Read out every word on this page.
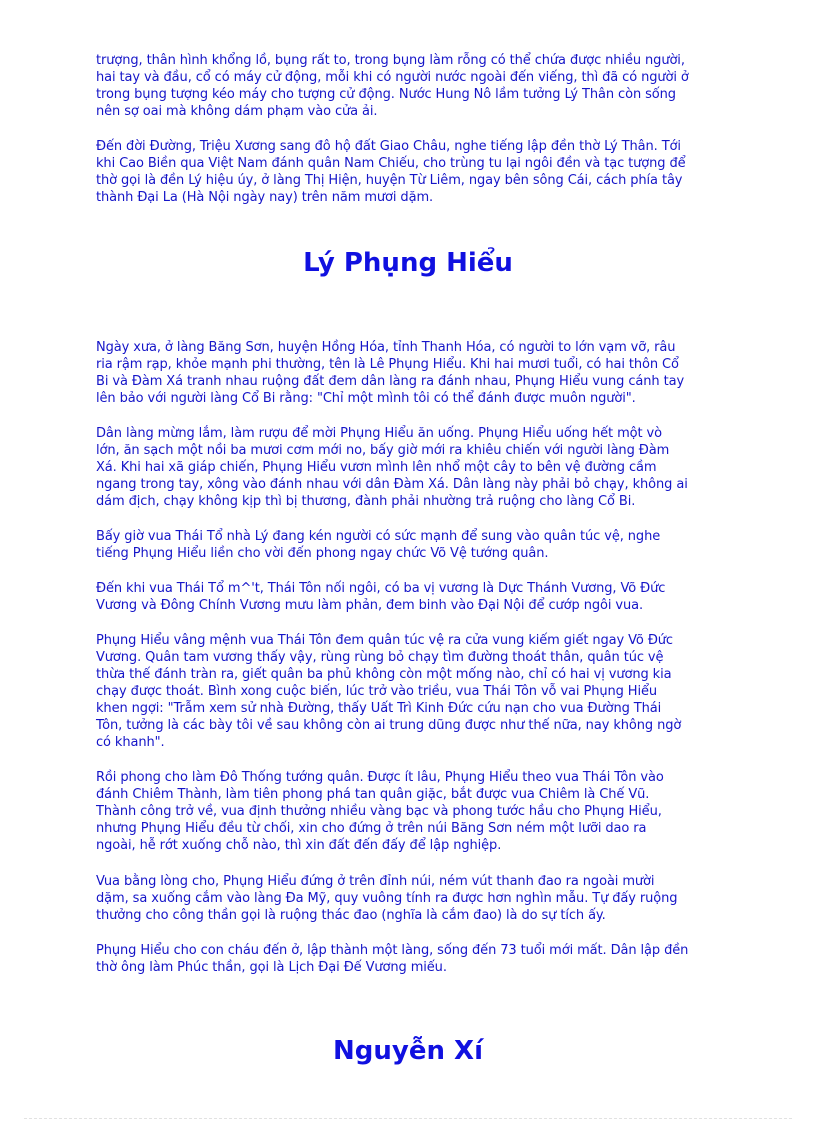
trượng, thân hình khổng lồ, bụng rất to, trong bụng làm rỗng có thể chứa được nhiều người,
hai tay và đầu, cổ có máy cử động, mỗi khi có người nước ngoài đến viếng, thì đã có người ở
trong bụng tượng kéo máy cho tượng cử động. Nước Hung Nô lầm tưởng Lý Thân còn sống
nên sợ oai mà không dám phạm vào cửa ải.

Đến đời Đường, Triệu Xương sang đô hộ đất Giao Châu, nghe tiếng lập đền thờ Lý Thân. Tới
khi Cao Biền qua Việt Nam đánh quân Nam Chiếu, cho trùng tu lại ngôi đền và tạc tượng để
thờ gọi là đền Lý hiệu úy, ở làng Thị Hiện, huyện Từ Liêm, ngay bên sông Cái, cách phía tây
thành Đại La (Hà Nội ngày nay) trên năm mươi dặm.

Lý Phụng Hiểu

Ngày xưa, ở làng Băng Sơn, huyện Hồng Hóa, tỉnh Thanh Hóa, có người to lớn vạm vỡ, râu
ria rậm rạp, khỏe mạnh phi thường, tên là Lê Phụng Hiểu. Khi hai mươi tuổi, có hai thôn Cổ
Bi và Đàm Xá tranh nhau ruộng đất đem dân làng ra đánh nhau, Phụng Hiểu vung cánh tay
lên bảo với người làng Cổ Bi rằng: "Chỉ một mình tôi có thể đánh được muôn người".

Dân làng mừng lắm, làm rượu để mời Phụng Hiểu ăn uống. Phụng Hiểu uống hết một vò
lớn, ăn sạch một nồi ba mươi cơm mới no, bấy giờ mới ra khiêu chiến với người làng Đàm
Xá. Khi hai xã giáp chiến, Phụng Hiểu vươn mình lên nhổ một cây to bên vệ đường cầm
ngang trong tay, xông vào đánh nhau với dân Đàm Xá. Dân làng này phải bỏ chạy, không ai
dám địch, chạy không kịp thì bị thương, đành phải nhường trả ruộng cho làng Cổ Bi.

Bấy giờ vua Thái Tổ nhà Lý đang kén người có sức mạnh để sung vào quân túc vệ, nghe
tiếng Phụng Hiểu liền cho vời đến phong ngay chức Võ Vệ tướng quân.

Đến khi vua Thái Tổ m^'t, Thái Tôn nối ngôi, có ba vị vương là Dực Thánh Vương, Võ Đức
Vương và Đông Chính Vương mưu làm phản, đem binh vào Đại Nội để cướp ngôi vua.

Phụng Hiểu vâng mệnh vua Thái Tôn đem quân túc vệ ra cửa vung kiếm giết ngay Võ Đức
Vương. Quân tam vương thấy vậy, rùng rùng bỏ chạy tìm đường thoát thân, quân túc vệ
thừa thế đánh tràn ra, giết quân ba phủ không còn một mống nào, chỉ có hai vị vương kia
chạy được thoát. Bình xong cuộc biến, lúc trở vào triều, vua Thái Tôn vỗ vai Phụng Hiểu
khen ngợi: "Trẫm xem sử nhà Đường, thấy Uất Trì Kinh Đức cứu nạn cho vua Đường Thái
Tôn, tưởng là các bày tôi về sau không còn ai trung dũng được như thế nữa, nay không ngờ
có khanh".

Rồi phong cho làm Đô Thống tướng quân. Được ít lâu, Phụng Hiểu theo vua Thái Tôn vào
đánh Chiêm Thành, làm tiên phong phá tan quân giặc, bắt được vua Chiêm là Chế Vũ.
Thành công trở về, vua định thưởng nhiều vàng bạc và phong tước hầu cho Phụng Hiểu,
nhưng Phụng Hiểu đều từ chối, xin cho đứng ở trên núi Băng Sơn ném một lưỡi dao ra
ngoài, hễ rớt xuống chỗ nào, thì xin đất đến đấy để lập nghiệp.

Vua bằng lòng cho, Phụng Hiểu đứng ở trên đỉnh núi, ném vút thanh đao ra ngoài mười
dặm, sa xuống cắm vào làng Đa Mỹ, quy vuông tính ra được hơn nghìn mẫu. Tự đấy ruộng
thưởng cho công thần gọi là ruộng thác đao (nghĩa là cắm đao) là do sự tích ấy.

Phụng Hiểu cho con cháu đến ở, lập thành một làng, sống đến 73 tuổi mới mất. Dân lập đền
thờ ông làm Phúc thần, gọi là Lịch Đại Đế Vương miếu.

Nguyễn Xí
